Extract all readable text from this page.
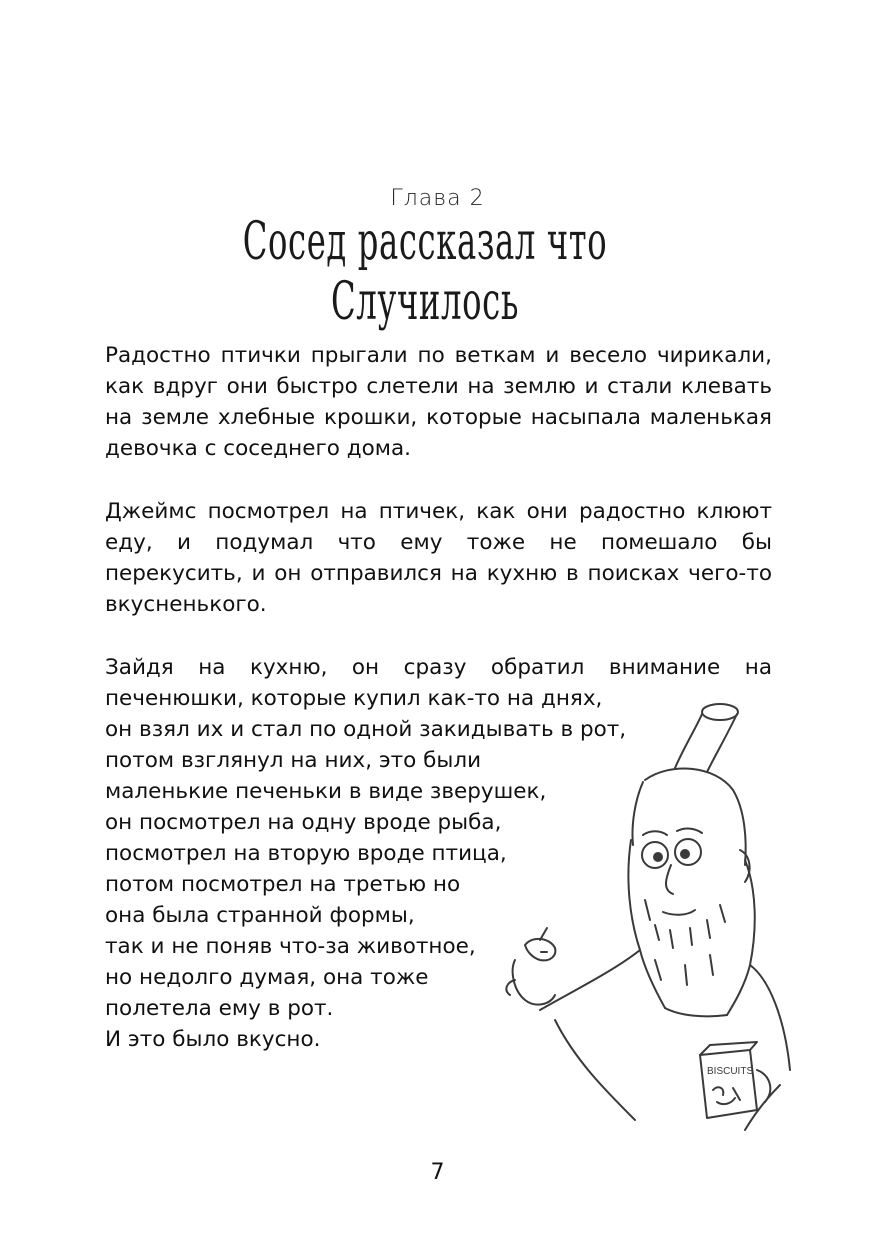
Глава 2
Сосед рассказал что Случилось

Радостно птички прыгали по веткам и весело чирикали, как вдруг они быстро слетели на землю и стали клевать на земле хлебные крошки, которые насыпала маленькая девочка с соседнего дома.

Джеймс посмотрел на птичек, как они радостно клюют еду, и подумал что ему тоже не помешало бы перекусить, и он отправился на кухню в поисках чего-то вкусненького.

Зайдя на кухню, он сразу обратил внимание на

печенюшки, которые купил как-то на днях,
он взял их и стал по одной закидывать в рот,
потом взглянул на них, это были
маленькие печеньки в виде зверушек,
он посмотрел на одну вроде рыба,
посмотрел на вторую вроде птица,
потом посмотрел на третью но
она была странной формы,
так и не поняв что-за животное,
но недолго думая, она тоже
полетела ему в рот.
И это было вкусно.
BISCUITS
7
